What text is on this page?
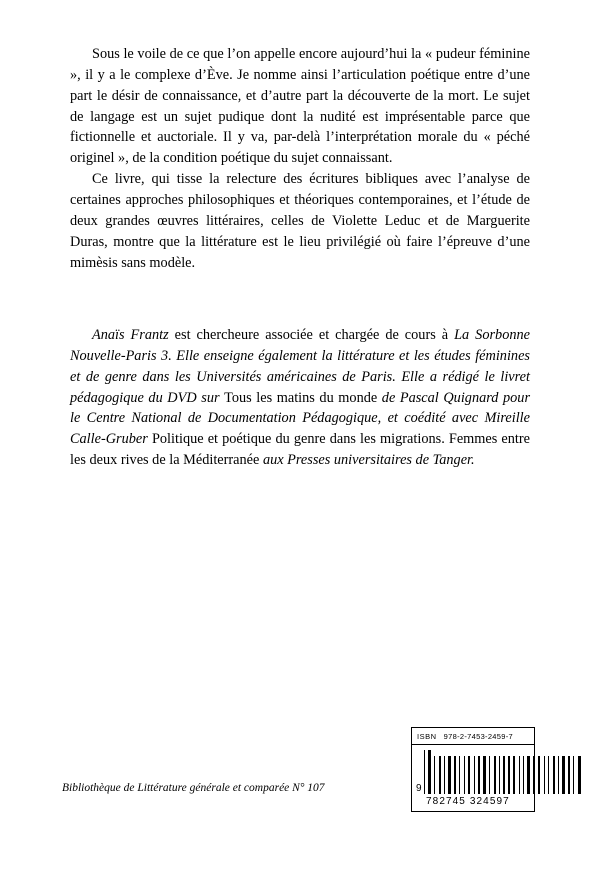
Sous le voile de ce que l’on appelle encore aujourd’hui la « pudeur féminine », il y a le complexe d’Ève. Je nomme ainsi l’articulation poétique entre d’une part le désir de connaissance, et d’autre part la découverte de la mort. Le sujet de langage est un sujet pudique dont la nudité est imprésentable parce que fictionnelle et auctoriale. Il y va, par-delà l’interprétation morale du « péché originel », de la condition poétique du sujet connaissant.

Ce livre, qui tisse la relecture des écritures bibliques avec l’analyse de certaines approches philosophiques et théoriques contemporaines, et l’étude de deux grandes œuvres littéraires, celles de Violette Leduc et de Marguerite Duras, montre que la littérature est le lieu privilégié où faire l’épreuve d’une mimèsis sans modèle.

Anaïs Frantz est chercheure associée et chargée de cours à La Sorbonne Nouvelle-Paris 3. Elle enseigne également la littérature et les études féminines et de genre dans les Universités américaines de Paris. Elle a rédigé le livret pédagogique du DVD sur Tous les matins du monde de Pascal Quignard pour le Centre National de Documentation Pédagogique, et coédité avec Mireille Calle-Gruber Politique et poétique du genre dans les migrations. Femmes entre les deux rives de la Méditerranée aux Presses universitaires de Tanger.

ISBN 978-2-7453-2459-7
9
782745 324597
Bibliothèque de Littérature générale et comparée N° 107
